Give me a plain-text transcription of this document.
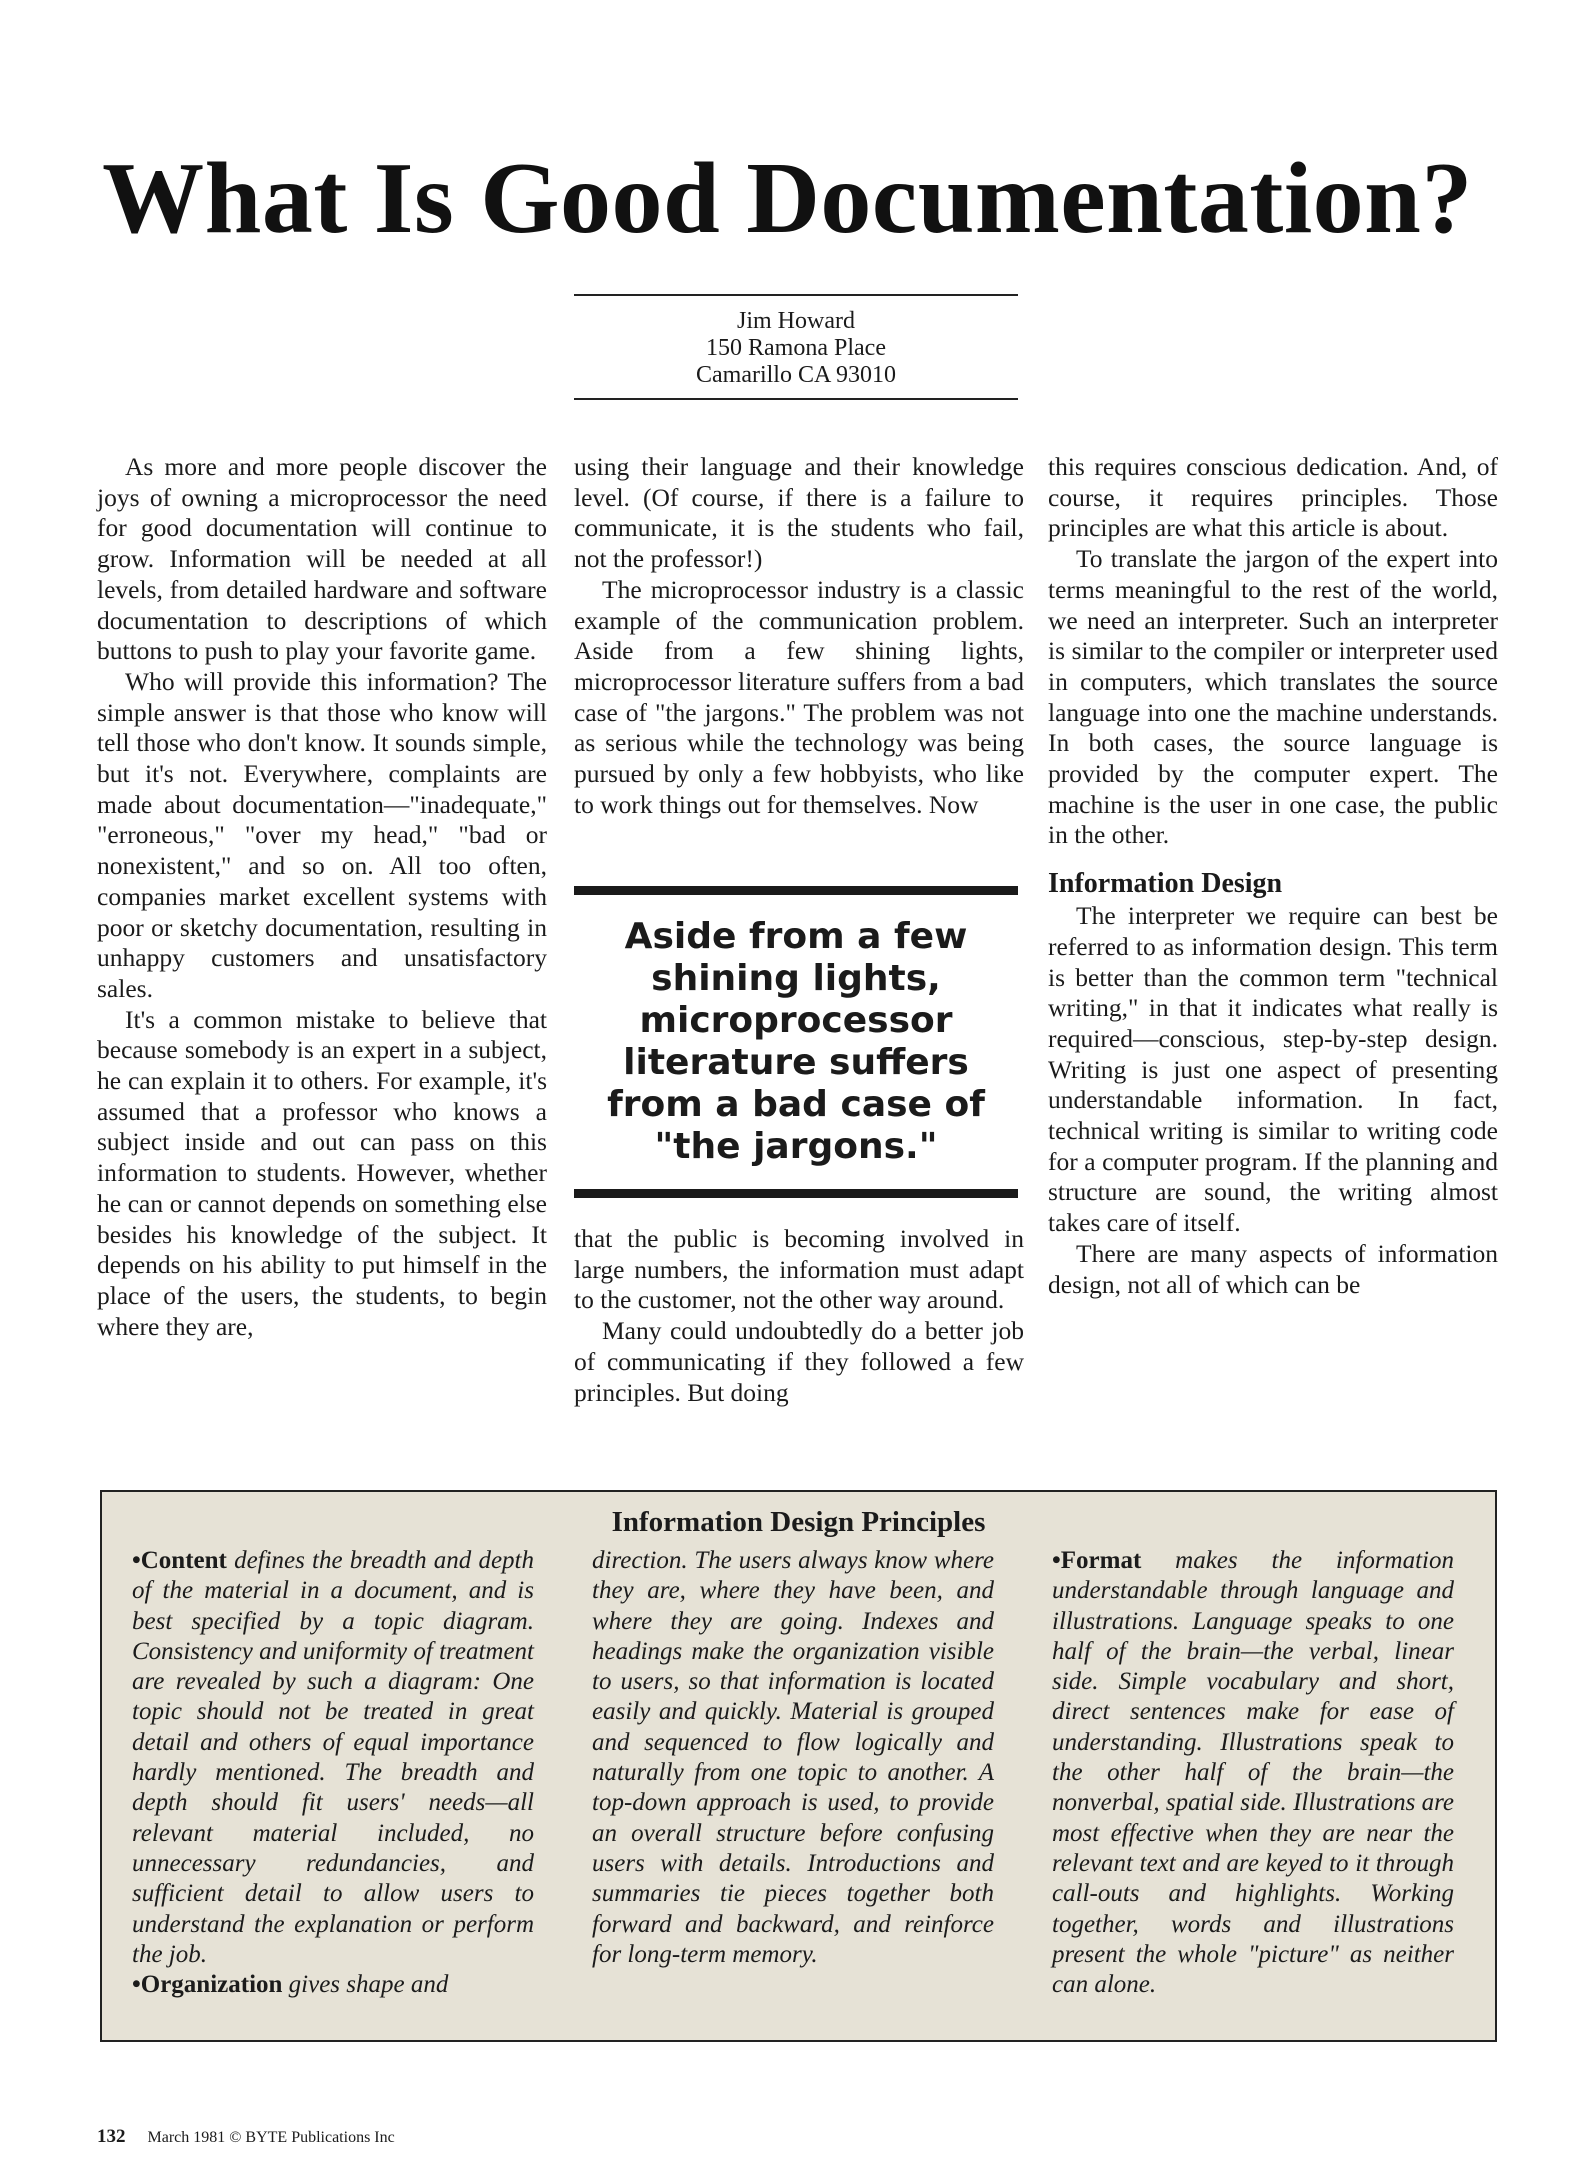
What Is Good Documentation?
Jim Howard
150 Ramona Place
Camarillo CA 93010

As more and more people discover the joys of owning a microprocessor the need for good documentation will continue to grow. Information will be needed at all levels, from detailed hardware and software documentation to descriptions of which buttons to push to play your favorite game.

Who will provide this information? The simple answer is that those who know will tell those who don't know. It sounds simple, but it's not. Everywhere, complaints are made about documentation—"inadequate," "erroneous," "over my head," "bad or nonexistent," and so on. All too often, companies market excellent systems with poor or sketchy documentation, resulting in unhappy customers and unsatisfactory sales.

It's a common mistake to believe that because somebody is an expert in a subject, he can explain it to others. For example, it's assumed that a professor who knows a subject inside and out can pass on this information to students. However, whether he can or cannot depends on something else besides his knowledge of the subject. It depends on his ability to put himself in the place of the users, the students, to begin where they are,

using their language and their knowledge level. (Of course, if there is a failure to communicate, it is the students who fail, not the professor!)

The microprocessor industry is a classic example of the communication problem. Aside from a few shining lights, microprocessor literature suffers from a bad case of "the jargons." The problem was not as serious while the technology was being pursued by only a few hobbyists, who like to work things out for themselves. Now

Aside from a few shining lights, microprocessor literature suffers from a bad case of "the jargons."

that the public is becoming involved in large numbers, the information must adapt to the customer, not the other way around.

Many could undoubtedly do a better job of communicating if they followed a few principles. But doing

this requires conscious dedication. And, of course, it requires principles. Those principles are what this article is about.

To translate the jargon of the expert into terms meaningful to the rest of the world, we need an interpreter. Such an interpreter is similar to the compiler or interpreter used in computers, which translates the source language into one the machine understands. In both cases, the source language is provided by the computer expert. The machine is the user in one case, the public in the other.

Information Design

The interpreter we require can best be referred to as information design. This term is better than the common term "technical writing," in that it indicates what really is required—conscious, step-by-step design. Writing is just one aspect of presenting understandable information. In fact, technical writing is similar to writing code for a computer program. If the planning and structure are sound, the writing almost takes care of itself.

There are many aspects of information design, not all of which can be

Information Design Principles

•Content defines the breadth and depth of the material in a document, and is best specified by a topic diagram. Consistency and uniformity of treatment are revealed by such a diagram: One topic should not be treated in great detail and others of equal importance hardly mentioned. The breadth and depth should fit users' needs—all relevant material included, no unnecessary redundancies, and sufficient detail to allow users to understand the explanation or perform the job.

•Organization gives shape and

direction. The users always know where they are, where they have been, and where they are going. Indexes and headings make the organization visible to users, so that information is located easily and quickly. Material is grouped and sequenced to flow logically and naturally from one topic to another. A top-down approach is used, to provide an overall structure before confusing users with details. Introductions and summaries tie pieces together both forward and backward, and reinforce for long-term memory.

•Format makes the information understandable through language and illustrations. Language speaks to one half of the brain—the verbal, linear side. Simple vocabulary and short, direct sentences make for ease of understanding. Illustrations speak to the other half of the brain—the nonverbal, spatial side. Illustrations are most effective when they are near the relevant text and are keyed to it through call-outs and highlights. Working together, words and illustrations present the whole "picture" as neither can alone.

132 March 1981 © BYTE Publications Inc
